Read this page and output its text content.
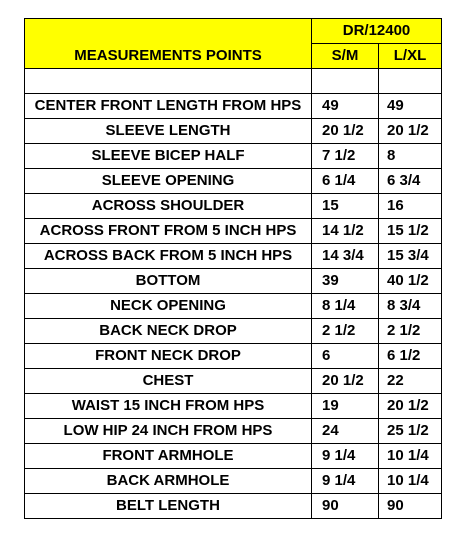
MEASUREMENTS POINTS	DR/12400	
	S/M	L/XL

CENTER FRONT LENGTH FROM HPS	49	49
SLEEVE LENGTH	20 1/2	20 1/2
SLEEVE BICEP HALF	7 1/2	8
SLEEVE OPENING	6 1/4	6 3/4
ACROSS SHOULDER	15	16
ACROSS FRONT FROM 5 INCH HPS	14 1/2	15 1/2
ACROSS BACK FROM 5 INCH HPS	14 3/4	15 3/4
BOTTOM	39	40 1/2
NECK OPENING	8 1/4	8 3/4
BACK NECK DROP	2 1/2	2 1/2
FRONT NECK DROP	6	6 1/2
CHEST	20 1/2	22
WAIST 15 INCH FROM HPS	19	20 1/2
LOW HIP 24 INCH FROM HPS	24	25 1/2
FRONT ARMHOLE	9 1/4	10 1/4
BACK ARMHOLE	9 1/4	10 1/4
BELT LENGTH	90	90
